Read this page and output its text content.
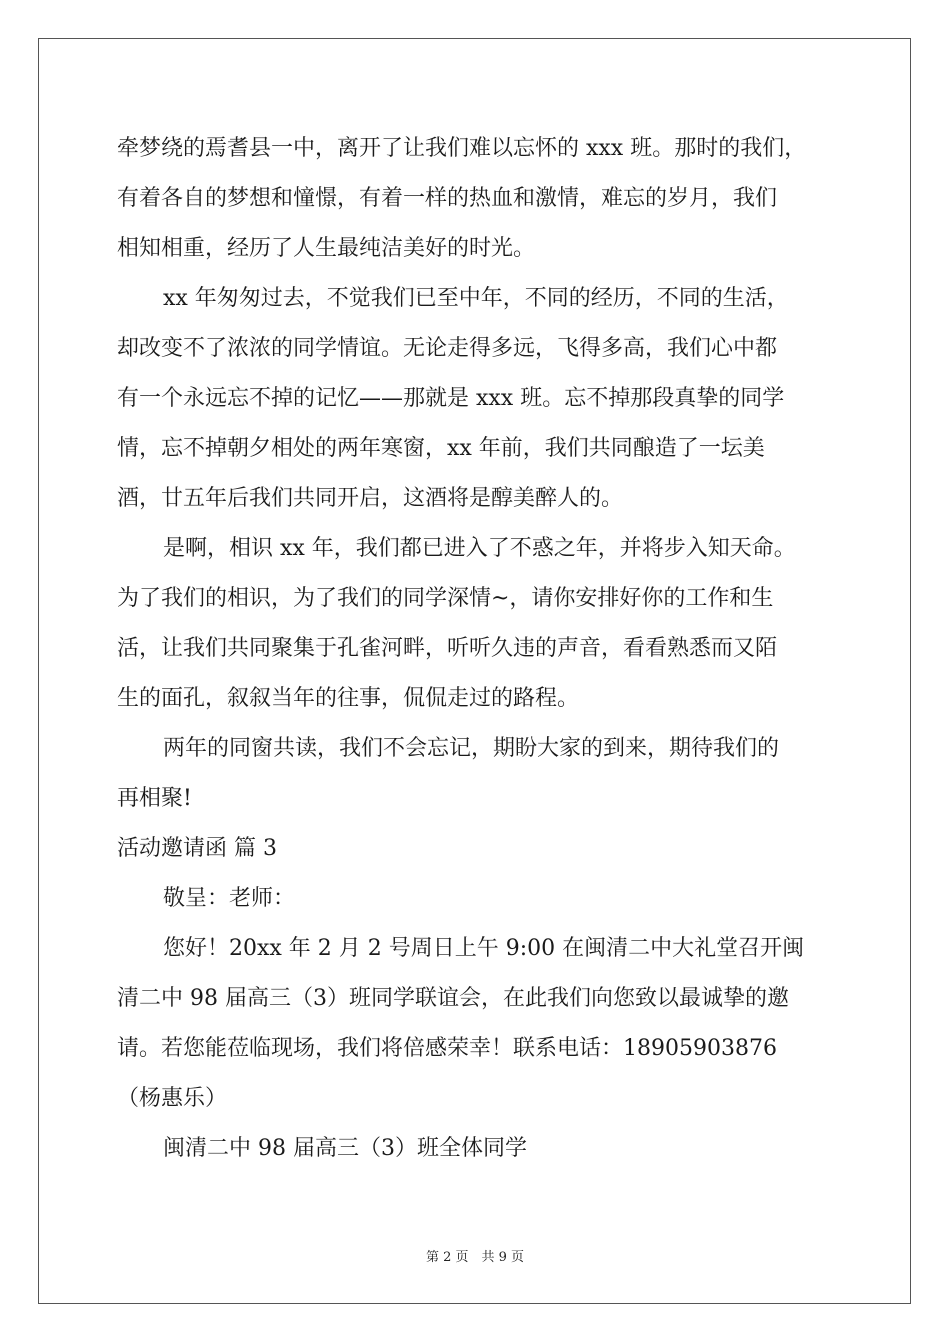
牵梦绕的焉耆县一中，离开了让我们难以忘怀的 xxx 班。那时的我们，

有着各自的梦想和憧憬，有着一样的热血和激情，难忘的岁月，我们

相知相重，经历了人生最纯洁美好的时光。

xx 年匆匆过去，不觉我们已至中年，不同的经历，不同的生活，

却改变不了浓浓的同学情谊。无论走得多远，飞得多高，我们心中都

有一个永远忘不掉的记忆——那就是 xxx 班。忘不掉那段真挚的同学

情，忘不掉朝夕相处的两年寒窗，xx 年前，我们共同酿造了一坛美

酒，廿五年后我们共同开启，这酒将是醇美醉人的。

是啊，相识 xx 年，我们都已进入了不惑之年，并将步入知天命。

为了我们的相识，为了我们的同学深情~，请你安排好你的工作和生

活，让我们共同聚集于孔雀河畔，听听久违的声音，看看熟悉而又陌

生的面孔，叙叙当年的往事，侃侃走过的路程。

两年的同窗共读，我们不会忘记，期盼大家的到来，期待我们的

再相聚!

活动邀请函 篇 3

敬呈：老师：

您好！20xx 年 2 月 2 号周日上午 9:00 在闽清二中大礼堂召开闽

清二中 98 届高三（3）班同学联谊会，在此我们向您致以最诚挚的邀

请。若您能莅临现场，我们将倍感荣幸！联系电话：18905903876

（杨惠乐）

闽清二中 98 届高三（3）班全体同学

第 2 页　共 9 页
